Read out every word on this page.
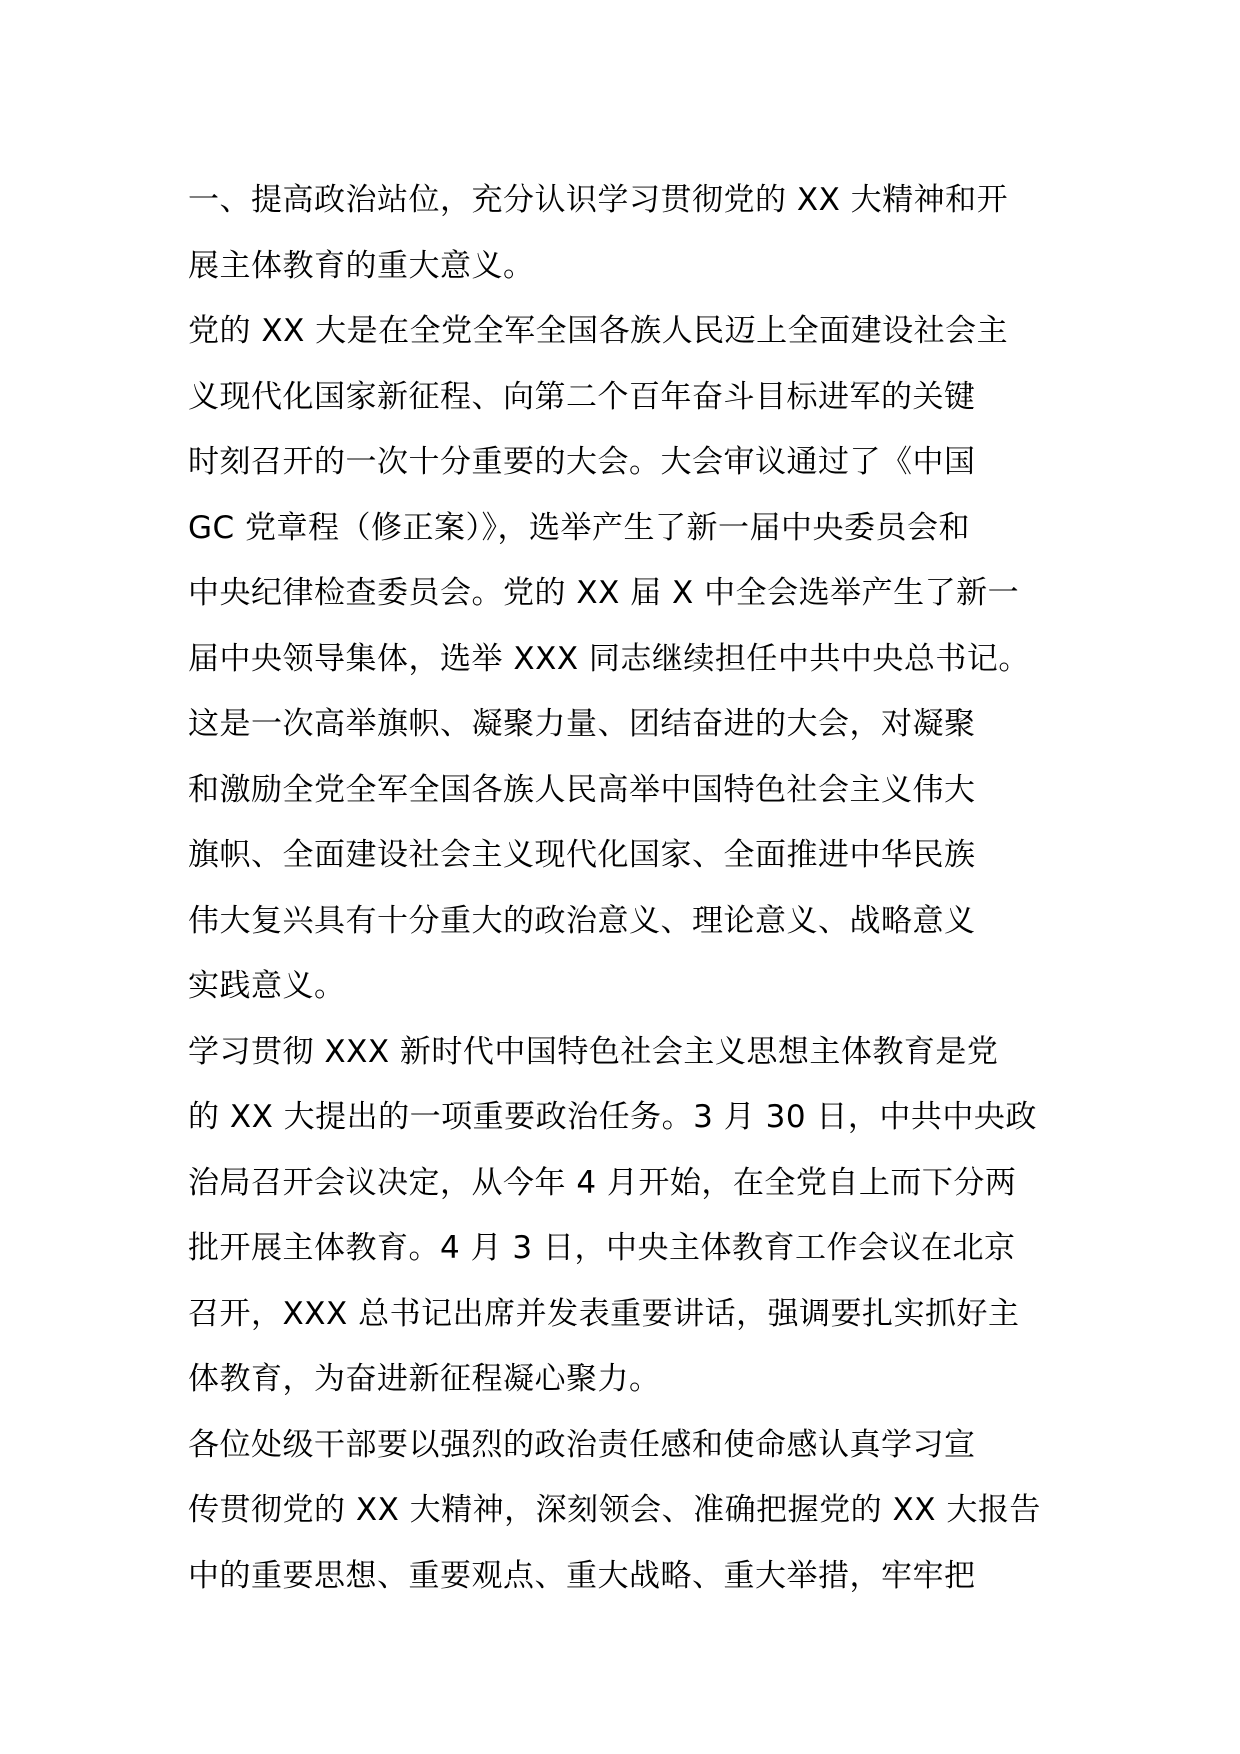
一、提高政治站位，充分认识学习贯彻党的 XX 大精神和开
展主体教育的重大意义。
党的 XX 大是在全党全军全国各族人民迈上全面建设社会主
义现代化国家新征程、向第二个百年奋斗目标进军的关键
时刻召开的一次十分重要的大会。大会审议通过了《中国
GC 党章程（修正案）》，选举产生了新一届中央委员会和
中央纪律检查委员会。党的 XX 届 X 中全会选举产生了新一
届中央领导集体，选举 XXX 同志继续担任中共中央总书记。
这是一次高举旗帜、凝聚力量、团结奋进的大会，对凝聚
和激励全党全军全国各族人民高举中国特色社会主义伟大
旗帜、全面建设社会主义现代化国家、全面推进中华民族
伟大复兴具有十分重大的政治意义、理论意义、战略意义
实践意义。
学习贯彻 XXX 新时代中国特色社会主义思想主体教育是党
的 XX 大提出的一项重要政治任务。3 月 30 日，中共中央政
治局召开会议决定，从今年 4 月开始，在全党自上而下分两
批开展主体教育。4 月 3 日，中央主体教育工作会议在北京
召开，XXX 总书记出席并发表重要讲话，强调要扎实抓好主
体教育，为奋进新征程凝心聚力。
各位处级干部要以强烈的政治责任感和使命感认真学习宣
传贯彻党的 XX 大精神，深刻领会、准确把握党的 XX 大报告
中的重要思想、重要观点、重大战略、重大举措，牢牢把
